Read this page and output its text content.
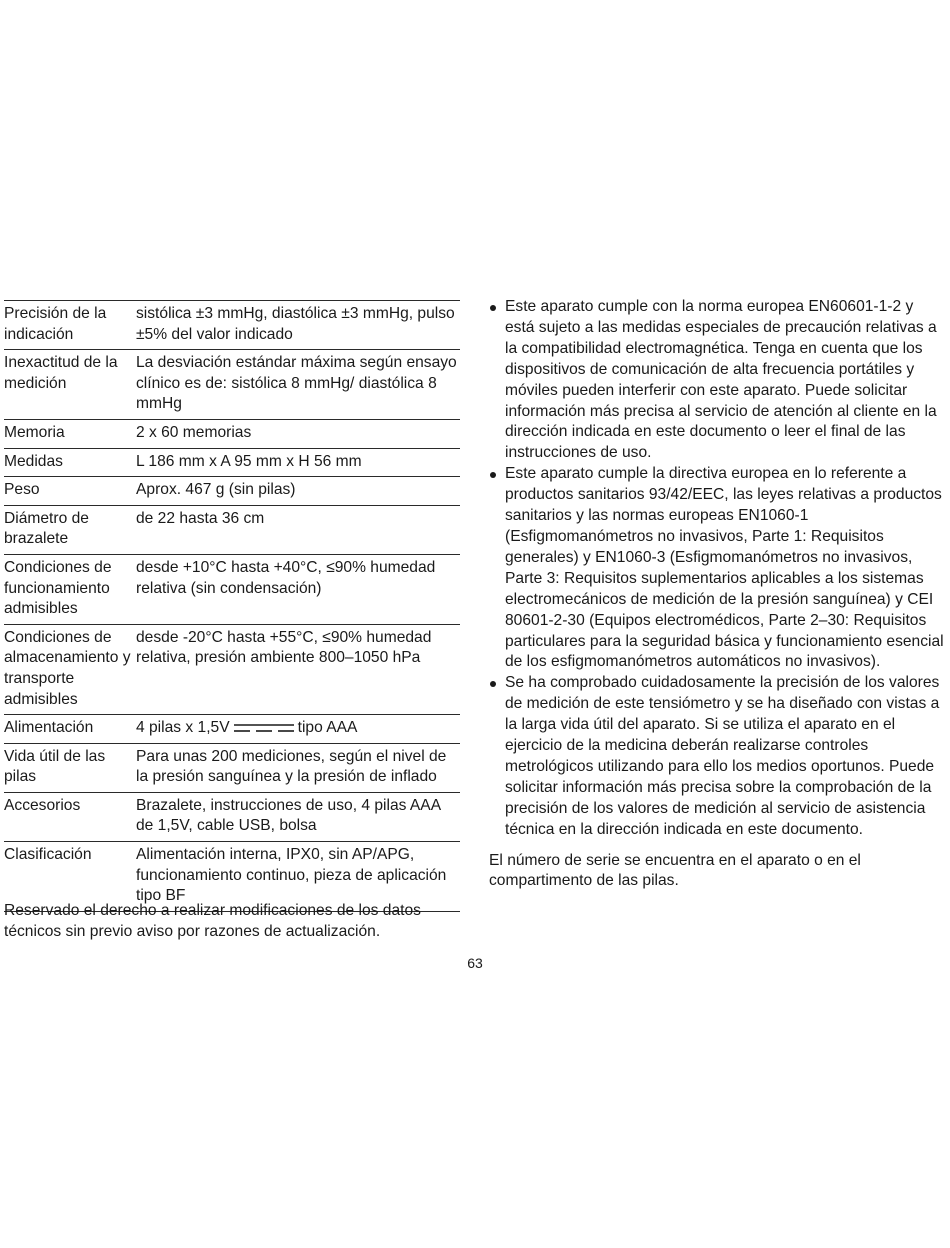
Precisión de la indicación	sistólica ±3 mmHg, diastólica ±3 mmHg, pulso ±5% del valor indicado
Inexactitud de la medición	La desviación estándar máxima según ensayo clínico es de: sistólica 8 mmHg/ diastólica 8 mmHg
Memoria	2 x 60 memorias
Medidas	L 186 mm x A 95 mm x H 56 mm
Peso	Aprox. 467 g (sin pilas)
Diámetro de brazalete	de 22 hasta 36 cm
Condiciones de funcionamiento admisibles	desde +10°C hasta +40°C, ≤90% humedad relativa (sin condensación)
Condiciones de almacenamiento y transporte admisibles	desde -20°C hasta +55°C, ≤90% humedad relativa, presión ambiente 800–1050 hPa
Alimentación	4 pilas x 1,5V tipo AAA
Vida útil de las pilas	Para unas 200 mediciones, según el nivel de la presión sanguínea y la presión de inflado
Accesorios	Brazalete, instrucciones de uso, 4 pilas AAA de 1,5V, cable USB, bolsa
Clasificación	Alimentación interna, IPX0, sin AP/APG, funcionamiento continuo, pieza de aplicación tipo BF

Reservado el derecho a realizar modificaciones de los datos técnicos sin previo aviso por razones de actualización.

Este aparato cumple con la norma europea EN60601-1-2 y está sujeto a las medidas especiales de precaución relativas a la compatibilidad electromagnética. Tenga en cuenta que los dispositivos de comunicación de alta frecuencia portátiles y móviles pueden interferir con este aparato. Puede solicitar información más precisa al servicio de atención al cliente en la dirección indicada en este documento o leer el final de las instrucciones de uso.
Este aparato cumple la directiva europea en lo referente a productos sanitarios 93/42/EEC, las leyes relativas a productos sanitarios y las normas europeas EN1060-1 (Esfigmomanómetros no invasivos, Parte 1: Requisitos generales) y EN1060-3 (Esfigmomanómetros no invasivos, Parte 3: Requisitos suplementarios aplicables a los sistemas electromecánicos de medición de la presión sanguínea) y CEI 80601-2-30 (Equipos electromédicos, Parte 2–30: Requisitos particulares para la seguridad básica y funcionamiento esencial de los esfigmomanómetros automáticos no invasivos).
Se ha comprobado cuidadosamente la precisión de los valores de medición de este tensiómetro y se ha diseñado con vistas a la larga vida útil del aparato. Si se utiliza el aparato en el ejercicio de la medicina deberán realizarse controles metrológicos utilizando para ello los medios oportunos. Puede solicitar información más precisa sobre la comprobación de la precisión de los valores de medición al servicio de asistencia técnica en la dirección indicada en este documento.

El número de serie se encuentra en el aparato o en el compartimento de las pilas.

63
